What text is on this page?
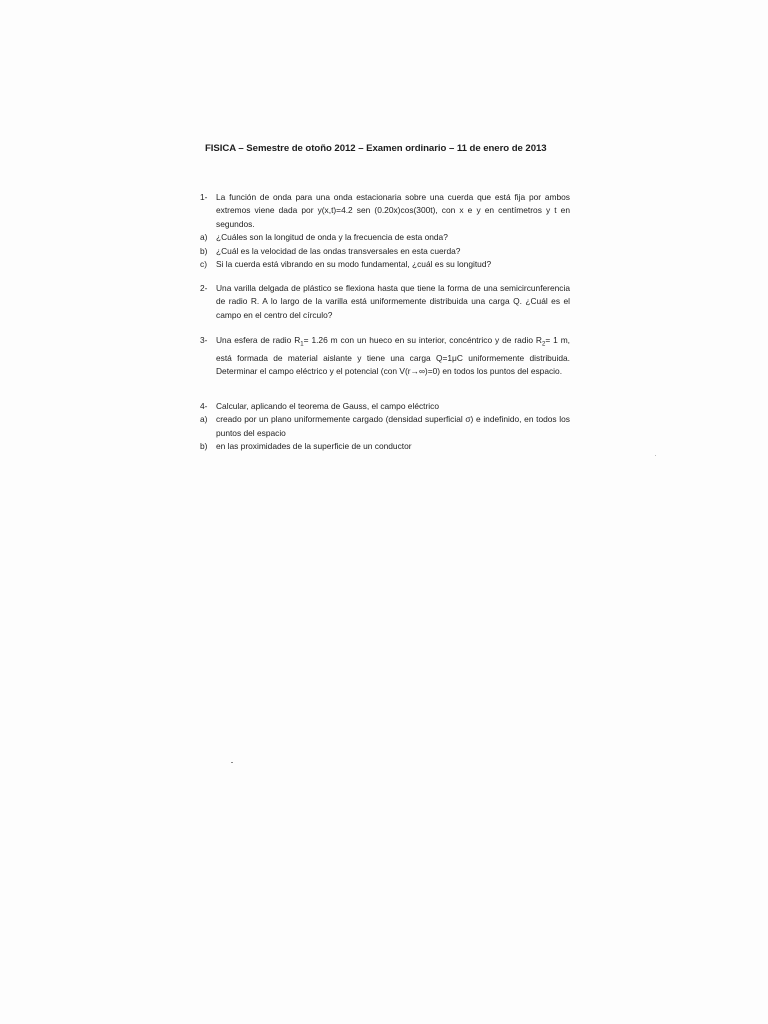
FISICA – Semestre de otoño 2012 – Examen ordinario – 11 de enero de 2013
1-	La función de onda para una onda estacionaria sobre una cuerda que está fija por ambos extremos viene dada por y(x,t)=4.2 sen (0.20x)cos(300t), con x e y en centímetros y t en segundos.
a)	¿Cuáles son la longitud de onda y la frecuencia de esta onda?
b)	¿Cuál es la velocidad de las ondas transversales en esta cuerda?
c)	Si la cuerda está vibrando en su modo fundamental, ¿cuál es su longitud?
2-	Una varilla delgada de plástico se flexiona hasta que tiene la forma de una semicircunferencia de radio R. A lo largo de la varilla está uniformemente distribuida una carga Q. ¿Cuál es el campo en el centro del círculo?
3-	Una esfera de radio $R_1= 1.26$ m con un hueco en su interior, concéntrico y de radio $R_2= 1$ m, está formada de material aislante y tiene una carga Q=1μC uniformemente distribuida. Determinar el campo eléctrico y el potencial (con V(r→∞)=0) en todos los puntos del espacio.
4-	Calcular, aplicando el teorema de Gauss, el campo eléctrico
a)	creado por un plano uniformemente cargado (densidad superficial σ) e indefinido, en todos los puntos del espacio
b)	en las proximidades de la superficie de un conductor
